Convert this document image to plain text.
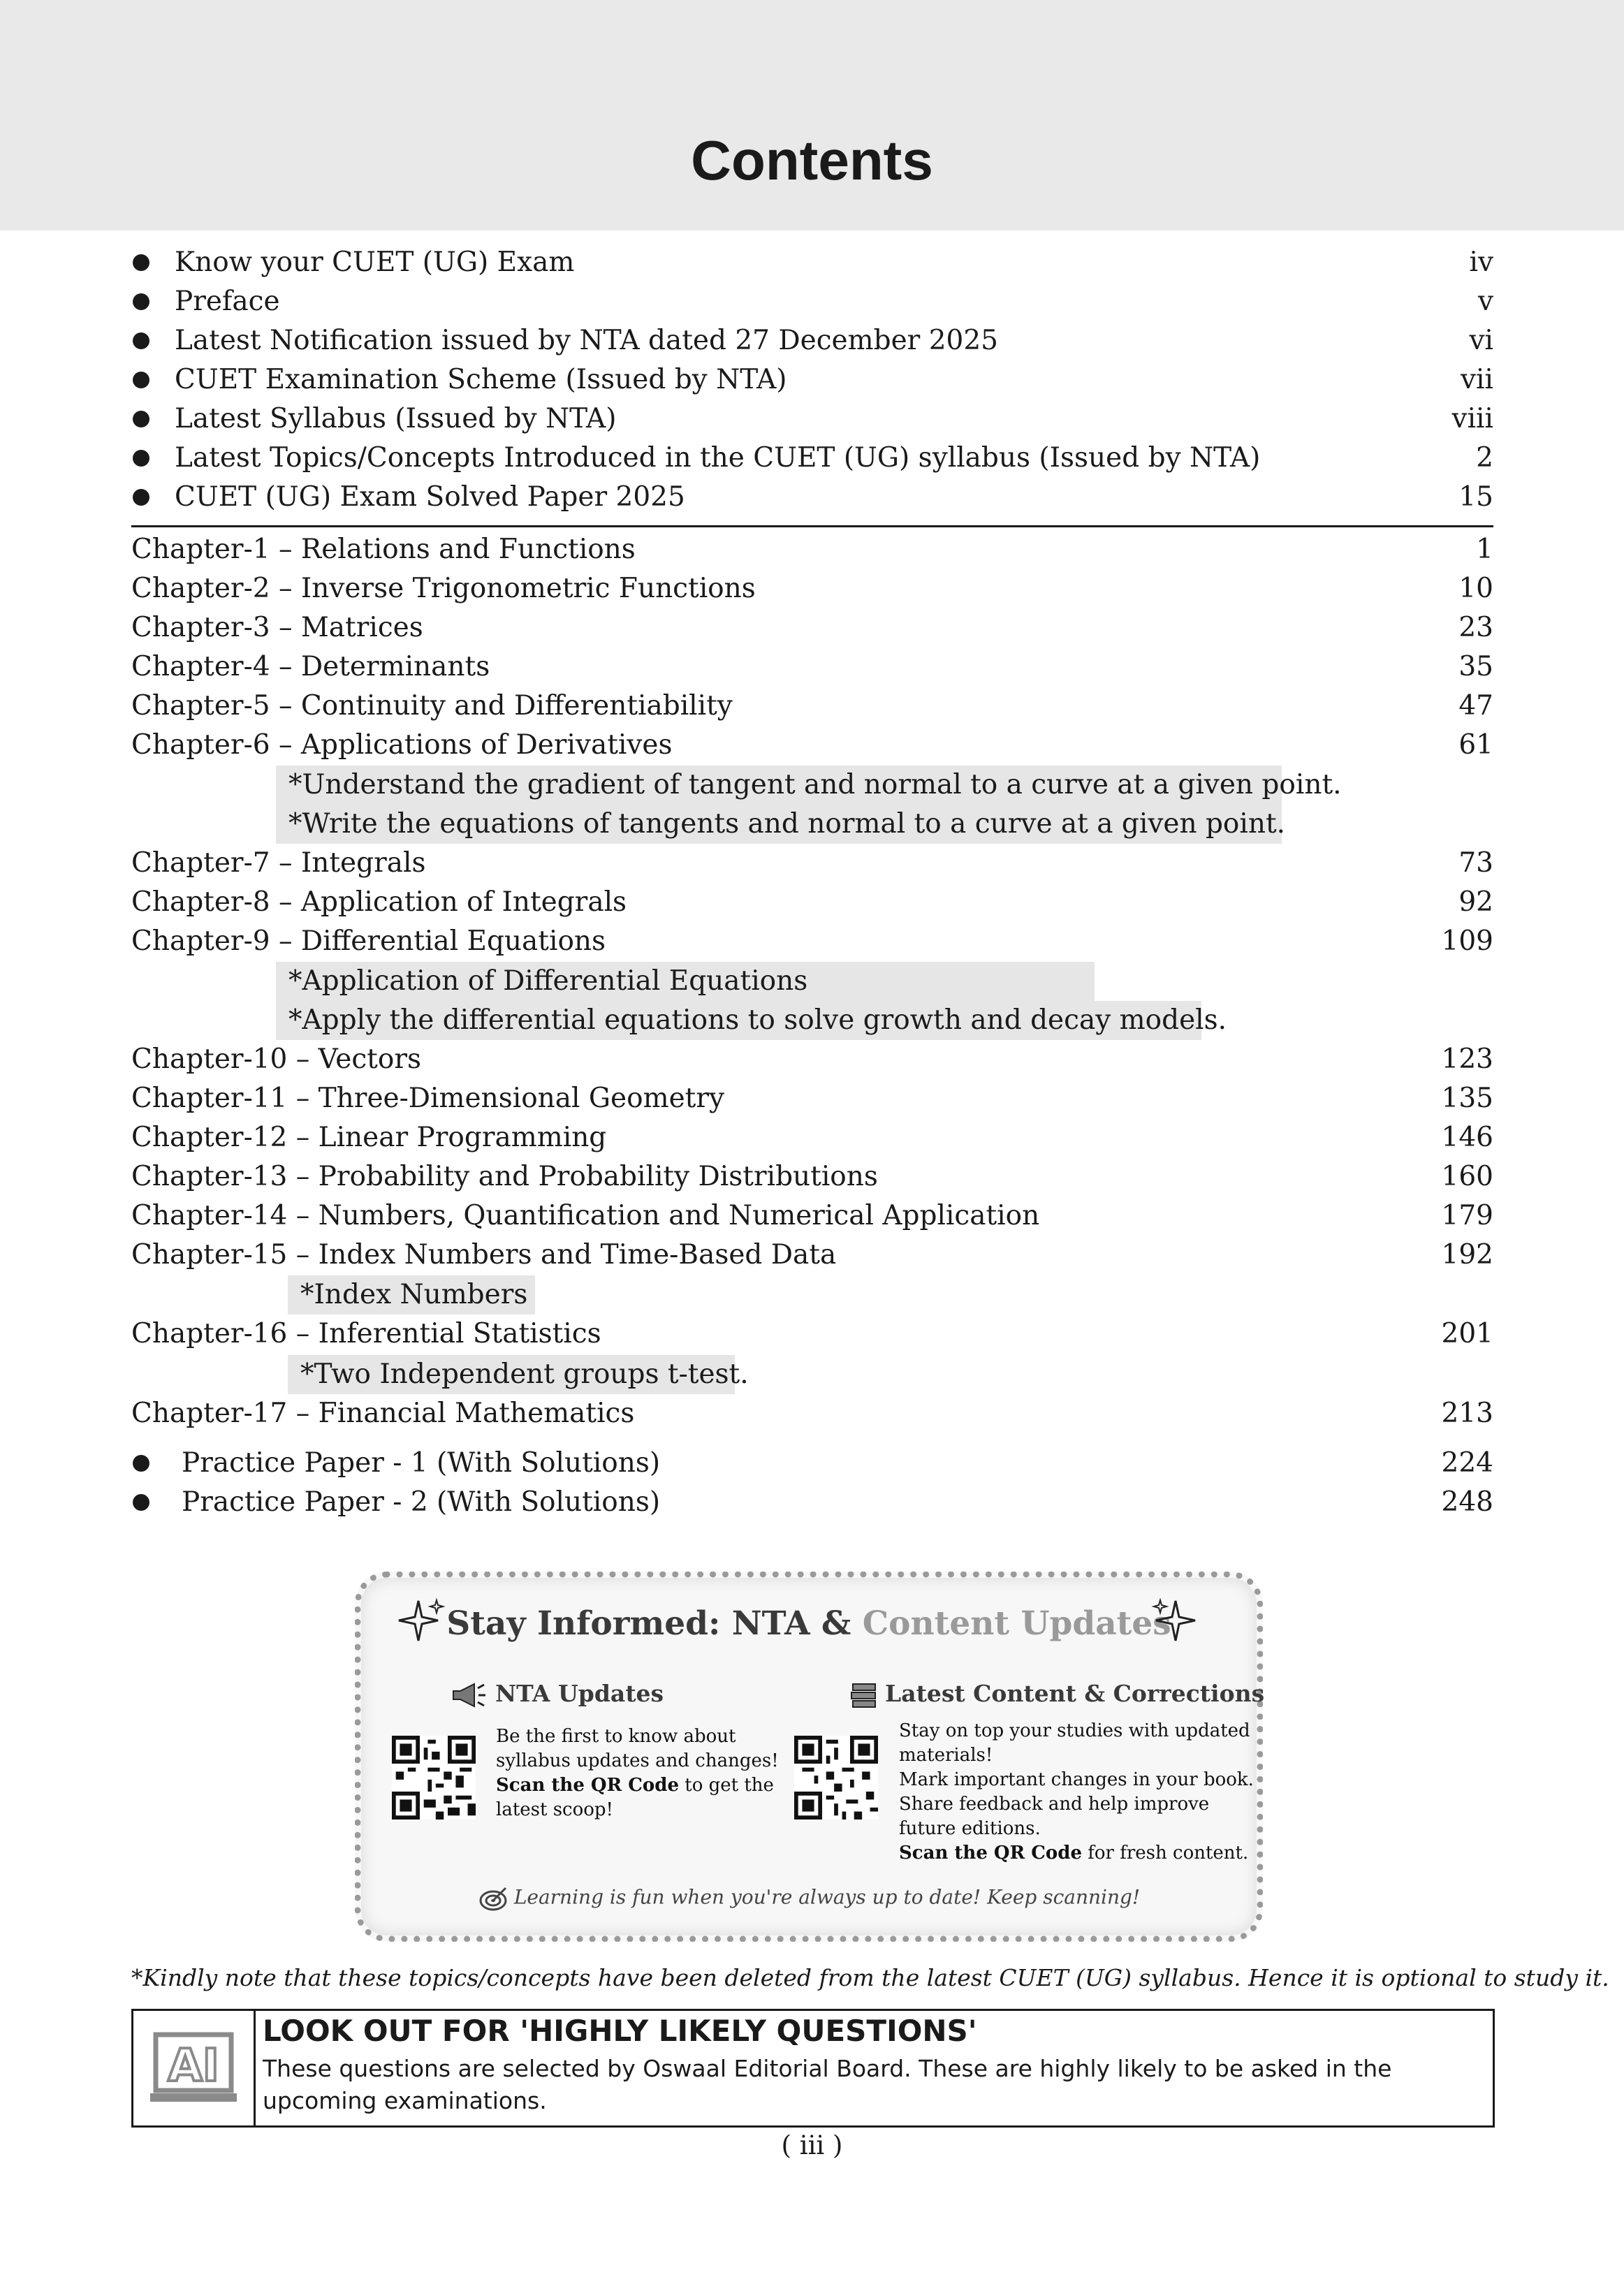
Contents
Know your CUET (UG) Exam	iv
Preface	v
Latest Notification issued by NTA dated 27 December 2025	vi
CUET Examination Scheme (Issued by NTA)	vii
Latest Syllabus (Issued by NTA)	viii
Latest Topics/Concepts Introduced in the CUET (UG) syllabus (Issued by NTA)	2
CUET (UG) Exam Solved Paper 2025	15
Chapter-1 – Relations and Functions	1
Chapter-2 – Inverse Trigonometric Functions	10
Chapter-3 – Matrices	23
Chapter-4 – Determinants	35
Chapter-5 – Continuity and Differentiability	47
Chapter-6 – Applications of Derivatives	61
*Understand the gradient of tangent and normal to a curve at a given point.
*Write the equations of tangents and normal to a curve at a given point.
Chapter-7 – Integrals	73
Chapter-8 – Application of Integrals	92
Chapter-9 – Differential Equations	109
*Application of Differential Equations
*Apply the differential equations to solve growth and decay models.
Chapter-10 – Vectors	123
Chapter-11 – Three-Dimensional Geometry	135
Chapter-12 – Linear Programming	146
Chapter-13 – Probability and Probability Distributions	160
Chapter-14 – Numbers, Quantification and Numerical Application	179
Chapter-15 – Index Numbers and Time-Based Data	192
*Index Numbers
Chapter-16 – Inferential Statistics	201
*Two Independent groups t-test.
Chapter-17 – Financial Mathematics	213
Practice Paper - 1 (With Solutions)	224
Practice Paper - 2 (With Solutions)	248
Stay Informed: NTA & Content Updates
NTA Updates
Be the first to know about
syllabus updates and changes!
Scan the QR Code to get the
latest scoop!
Latest Content & Corrections
Stay on top your studies with updated
materials!
Mark important changes in your book.
Share feedback and help improve
future editions.
Scan the QR Code for fresh content.
Learning is fun when you're always up to date! Keep scanning!
*Kindly note that these topics/concepts have been deleted from the latest CUET (UG) syllabus. Hence it is optional to study it.
AI
LOOK OUT FOR 'HIGHLY LIKELY QUESTIONS'
These questions are selected by Oswaal Editorial Board. These are highly likely to be asked in the upcoming examinations.
( iii )
